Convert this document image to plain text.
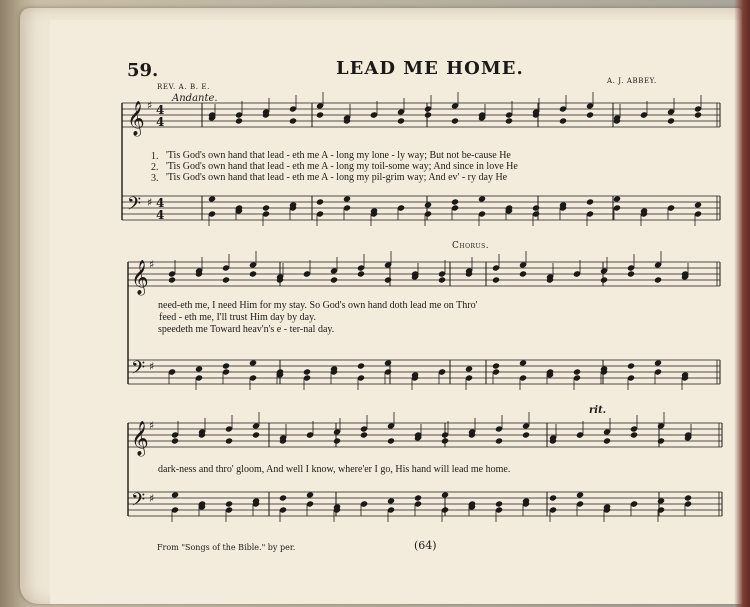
𝄞
𝄢
4
4
4
4
♯
♯
𝄞
𝄢
♯
♯
𝄞
𝄢
♯
♯
59.	LEAD ME HOME.
REV. A. B. E.
A. J. ABBEY.
Andante.
1.
2.
3.
'Tis God's own hand that lead - eth me A - long my lone - ly way; But not be-cause He
'Tis God's own hand that lead - eth me A - long my toil-some way; And since in love He
'Tis God's own hand that lead - eth me A - long my pil-grim way; And ev' - ry day He
Chorus.
need-eth me, I need Him for my stay. So God's own hand doth lead me on Thro'
feed - eth me, I'll trust Him day by day.
speedeth me Toward heav'n's e - ter-nal day.
rit.
dark-ness and thro' gloom, And well I know, where'er I go, His hand will lead me home.
From "Songs of the Bible." by per.	(64)
